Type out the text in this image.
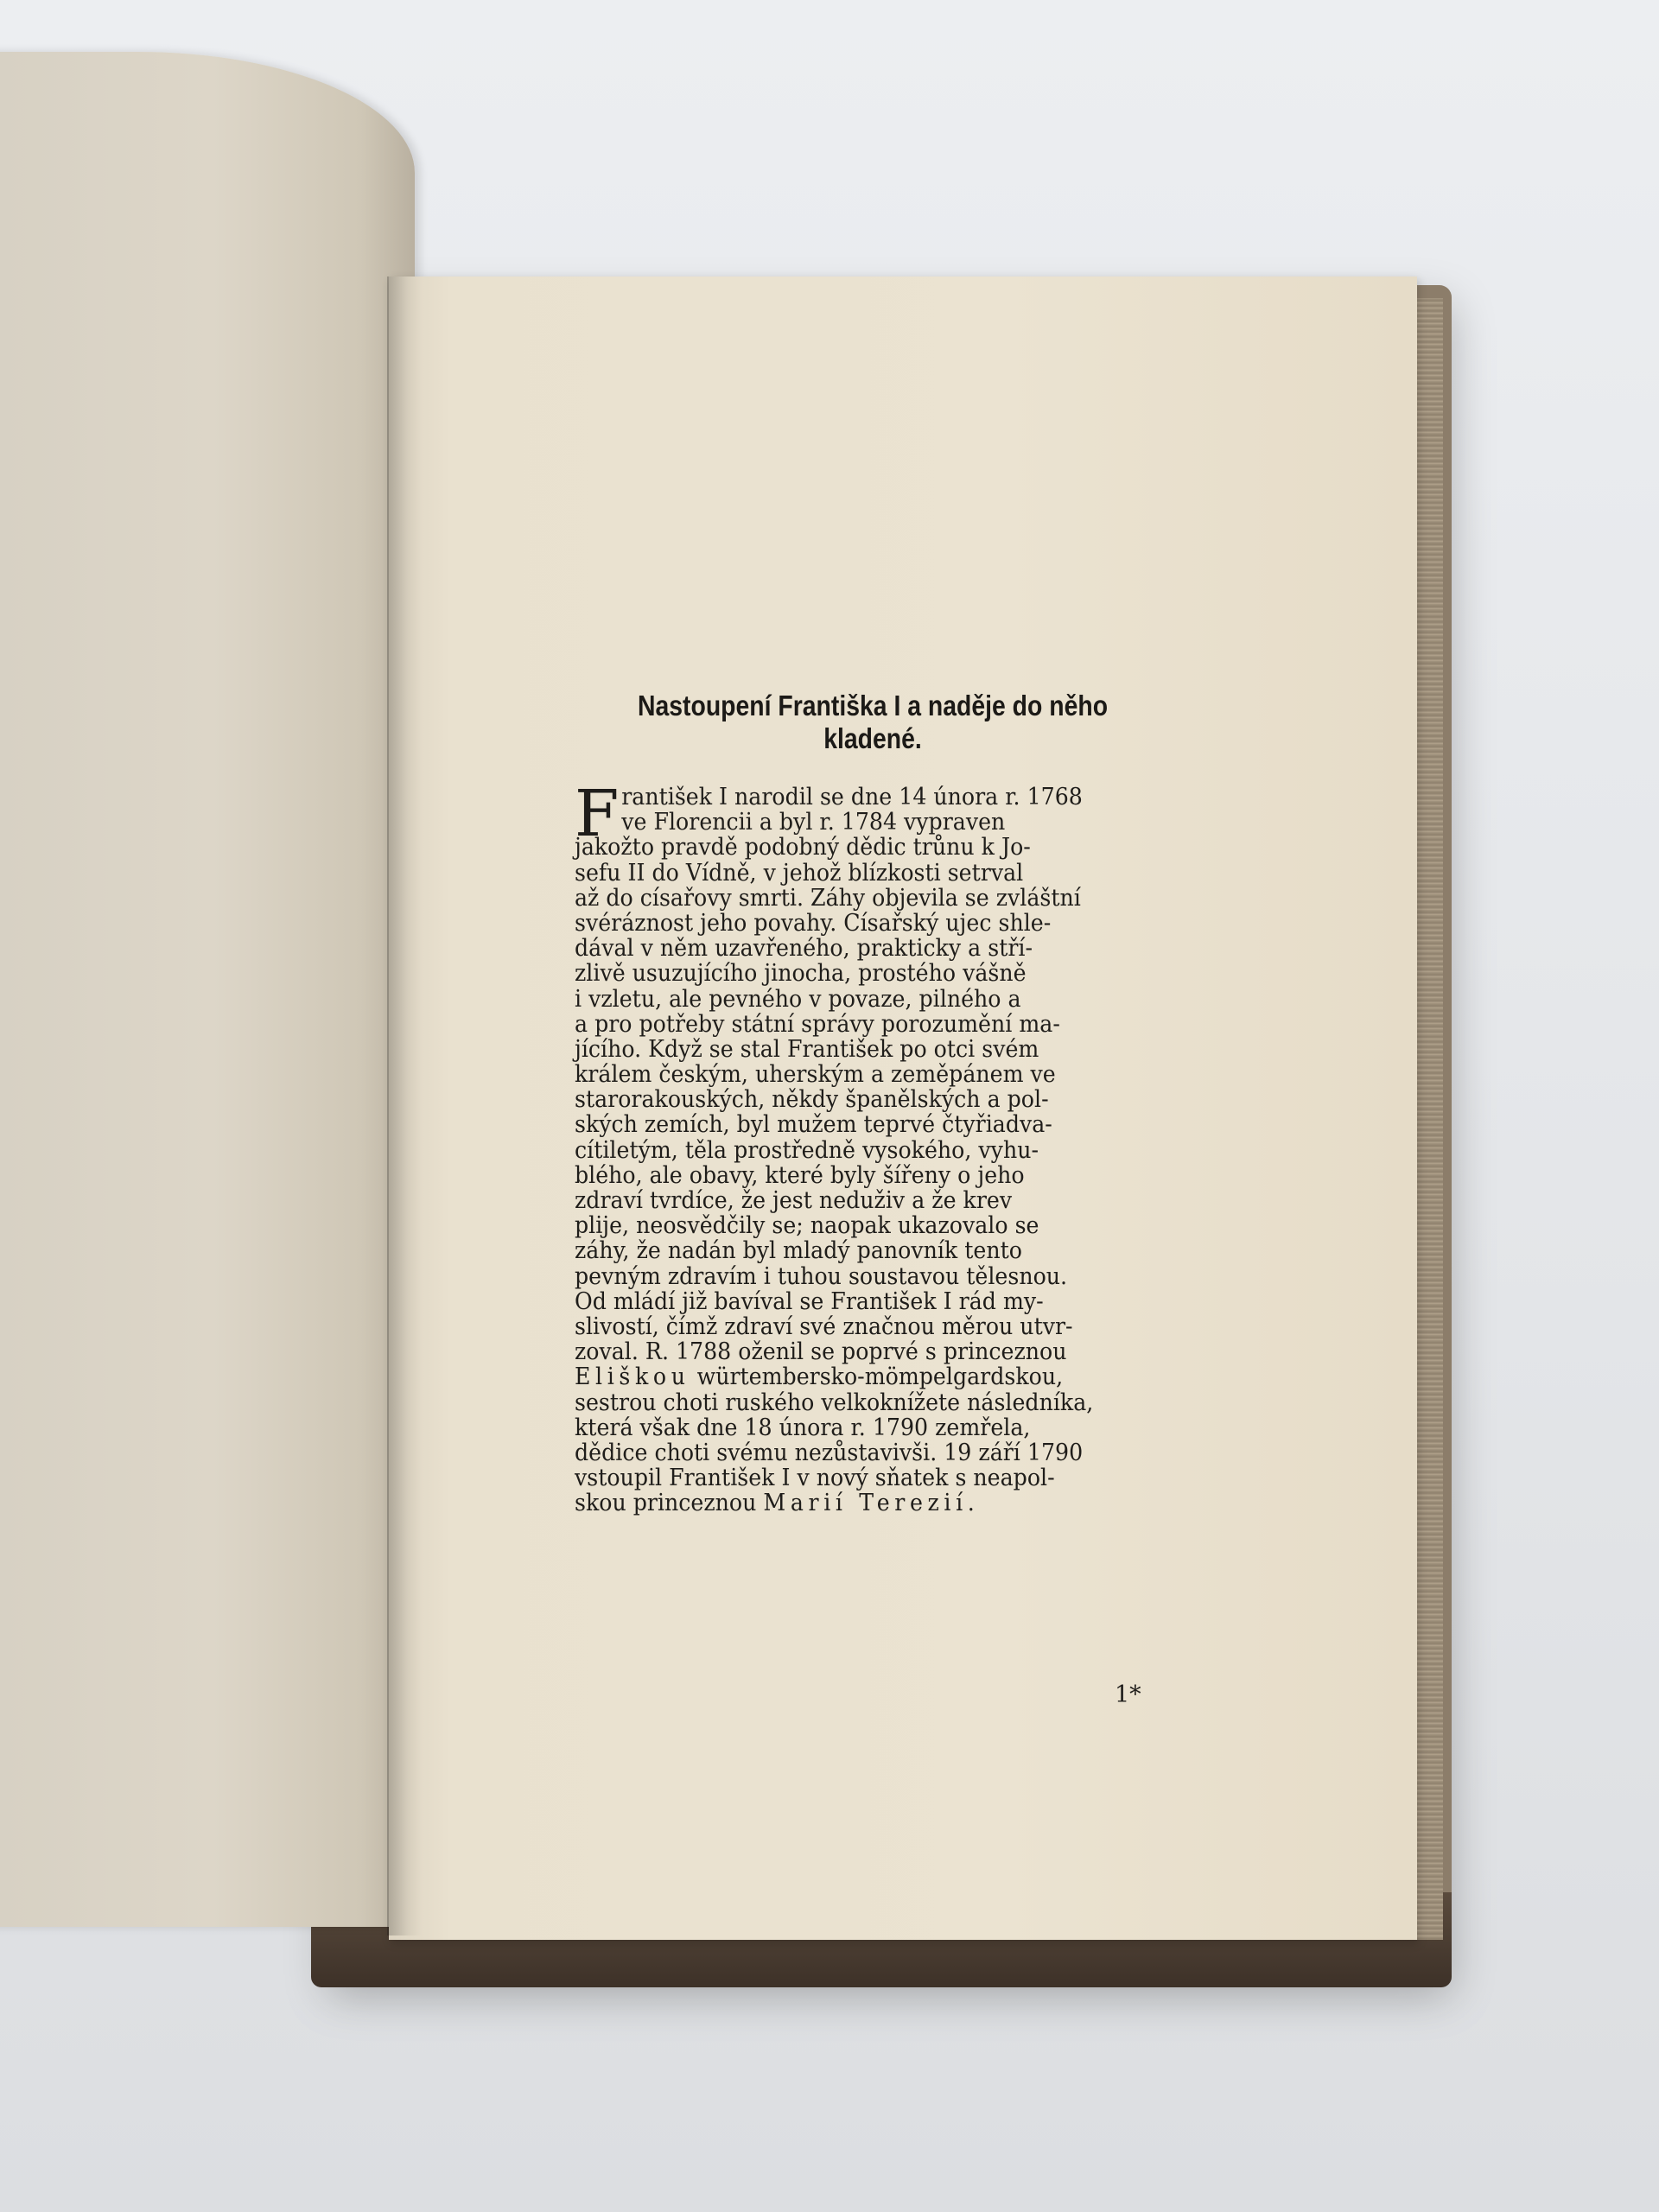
Nastoupení Františka I a naděje do něho
kladené.
F rantišek I narodil se dne 14 února r. 1768
ve Florencii a byl r. 1784 vypraven
jakožto pravdě podobný dědic trůnu k Jo-
sefu II do Vídně, v jehož blízkosti setrval
až do císařovy smrti. Záhy objevila se zvláštní
svéráznost jeho povahy. Císařský ujec shle-
dával v něm uzavřeného, prakticky a stří-
zlivě usuzujícího jinocha, prostého vášně
i vzletu, ale pevného v povaze, pilného a
a pro potřeby státní správy porozumění ma-
jícího. Když se stal František po otci svém
králem českým, uherským a zeměpánem ve
starorakouských, někdy španělských a pol-
ských zemích, byl mužem teprvé čtyřiadva-
cítiletým, těla prostředně vysokého, vyhu-
blého, ale obavy, které byly šířeny o jeho
zdraví tvrdíce, že jest neduživ a že krev
plije, neosvědčily se; naopak ukazovalo se
záhy, že nadán byl mladý panovník tento
pevným zdravím i tuhou soustavou tělesnou.
Od mládí již bavíval se František I rád my-
slivostí, čímž zdraví své značnou měrou utvr-
zoval. R. 1788 oženil se poprvé s princeznou
Eliškou würtembersko-mömpelgardskou,
sestrou choti ruského velkoknížete následníka,
která však dne 18 února r. 1790 zemřela,
dědice choti svému nezůstavivši. 19 září 1790
vstoupil František I v nový sňatek s neapol-
skou princeznou Marií Terezií.
1*
